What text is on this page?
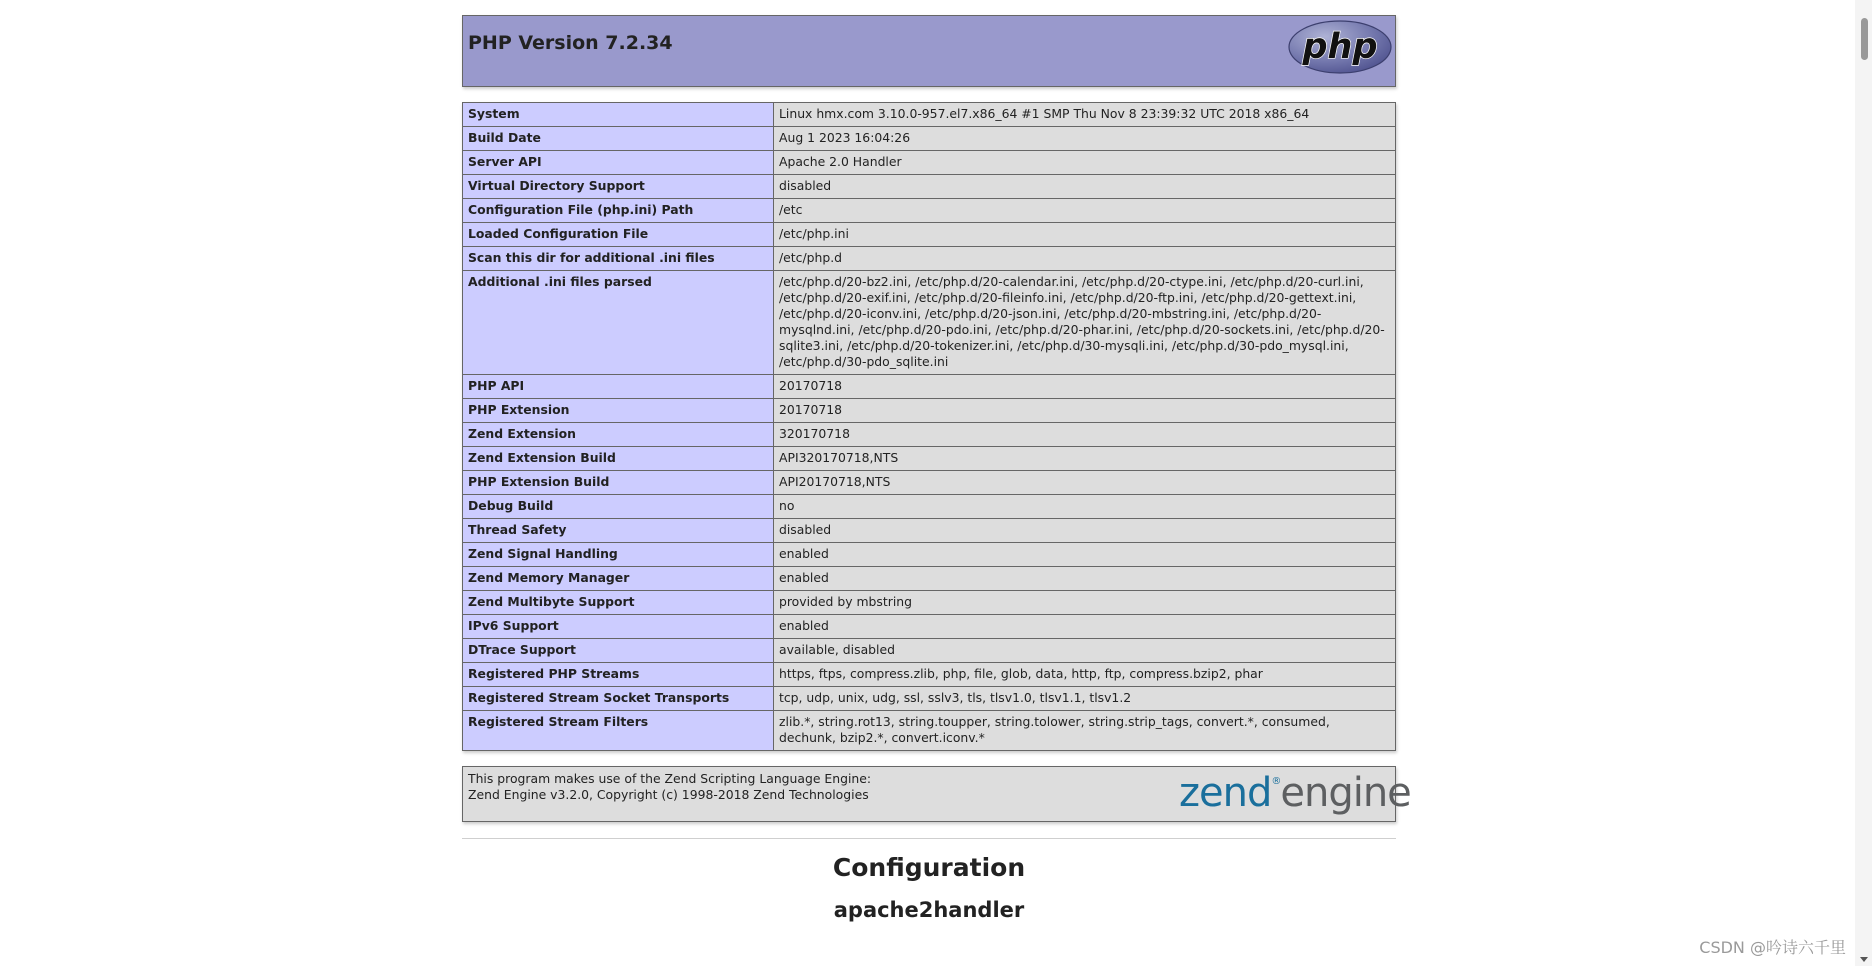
PHP Version 7.2.34	php
System	Linux hmx.com 3.10.0-957.el7.x86_64 #1 SMP Thu Nov 8 23:39:32 UTC 2018 x86_64
Build Date	Aug 1 2023 16:04:26
Server API	Apache 2.0 Handler
Virtual Directory Support	disabled
Configuration File (php.ini) Path	/etc
Loaded Configuration File	/etc/php.ini
Scan this dir for additional .ini files	/etc/php.d
Additional .ini files parsed	/etc/php.d/20-bz2.ini, /etc/php.d/20-calendar.ini, /etc/php.d/20-ctype.ini, /etc/php.d/20-curl.ini, /etc/php.d/20-exif.ini, /etc/php.d/20-fileinfo.ini, /etc/php.d/20-ftp.ini, /etc/php.d/20-gettext.ini, /etc/php.d/20-iconv.ini, /etc/php.d/20-json.ini, /etc/php.d/20-mbstring.ini, /etc/php.d/20-mysqlnd.ini, /etc/php.d/20-pdo.ini, /etc/php.d/20-phar.ini, /etc/php.d/20-sockets.ini, /etc/php.d/20-sqlite3.ini, /etc/php.d/20-tokenizer.ini, /etc/php.d/30-mysqli.ini, /etc/php.d/30-pdo_mysql.ini, /etc/php.d/30-pdo_sqlite.ini
PHP API	20170718
PHP Extension	20170718
Zend Extension	320170718
Zend Extension Build	API320170718,NTS
PHP Extension Build	API20170718,NTS
Debug Build	no
Thread Safety	disabled
Zend Signal Handling	enabled
Zend Memory Manager	enabled
Zend Multibyte Support	provided by mbstring
IPv6 Support	enabled
DTrace Support	available, disabled
Registered PHP Streams	https, ftps, compress.zlib, php, file, glob, data, http, ftp, compress.bzip2, phar
Registered Stream Socket Transports	tcp, udp, unix, udg, ssl, sslv3, tls, tlsv1.0, tlsv1.1, tlsv1.2
Registered Stream Filters	zlib.*, string.rot13, string.toupper, string.tolower, string.strip_tags, convert.*, consumed, dechunk, bzip2.*, convert.iconv.*
This program makes use of the Zend Scripting Language Engine:
Zend Engine v3.2.0, Copyright (c) 1998-2018 Zend Technologies	zend®engine
Configuration
apache2handler
CSDN @吟诗六千里
